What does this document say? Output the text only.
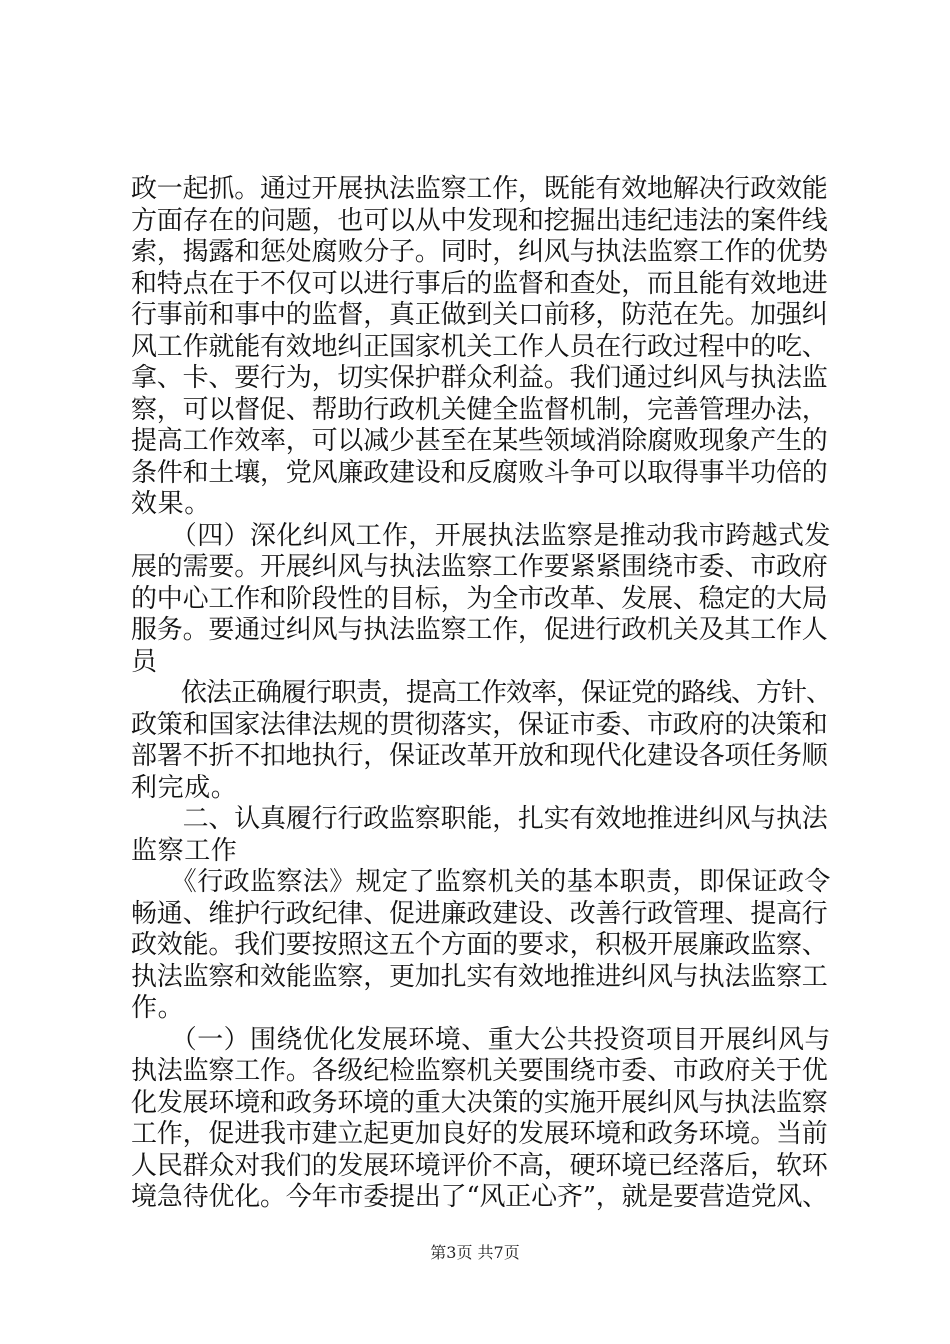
政一起抓。通过开展执法监察工作，既能有效地解决行政效能
方面存在的问题，也可以从中发现和挖掘出违纪违法的案件线
索，揭露和惩处腐败分子。同时，纠风与执法监察工作的优势
和特点在于不仅可以进行事后的监督和查处，而且能有效地进
行事前和事中的监督，真正做到关口前移，防范在先。加强纠
风工作就能有效地纠正国家机关工作人员在行政过程中的吃、
拿、卡、要行为，切实保护群众利益。我们通过纠风与执法监
察，可以督促、帮助行政机关健全监督机制，完善管理办法，
提高工作效率，可以减少甚至在某些领域消除腐败现象产生的
条件和土壤，党风廉政建设和反腐败斗争可以取得事半功倍的
效果。
　　（四）深化纠风工作，开展执法监察是推动我市跨越式发
展的需要。开展纠风与执法监察工作要紧紧围绕市委、市政府
的中心工作和阶段性的目标，为全市改革、发展、稳定的大局
服务。要通过纠风与执法监察工作，促进行政机关及其工作人
员
　　依法正确履行职责，提高工作效率，保证党的路线、方针、
政策和国家法律法规的贯彻落实，保证市委、市政府的决策和
部署不折不扣地执行，保证改革开放和现代化建设各项任务顺
利完成。
　　二、认真履行行政监察职能，扎实有效地推进纠风与执法
监察工作
　　《行政监察法》规定了监察机关的基本职责，即保证政令
畅通、维护行政纪律、促进廉政建设、改善行政管理、提高行
政效能。我们要按照这五个方面的要求，积极开展廉政监察、
执法监察和效能监察，更加扎实有效地推进纠风与执法监察工
作。
　　（一）围绕优化发展环境、重大公共投资项目开展纠风与
执法监察工作。各级纪检监察机关要围绕市委、市政府关于优
化发展环境和政务环境的重大决策的实施开展纠风与执法监察
工作，促进我市建立起更加良好的发展环境和政务环境。当前
人民群众对我们的发展环境评价不高，硬环境已经落后，软环
境急待优化。今年市委提出了“风正心齐”，就是要营造党风、
第3页 共7页
